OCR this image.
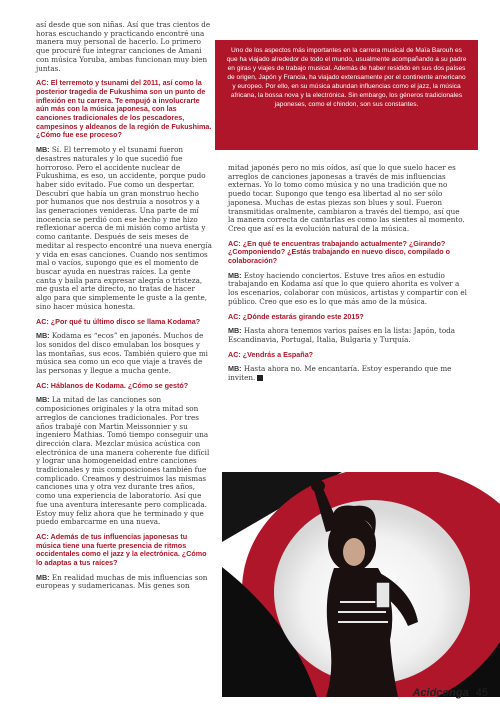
así desde que son niñas. Así que tras cientos de horas escuchando y practicando encontré una manera muy personal de hacerlo. Lo primero que procuré fue integrar canciones de Amani con música Yoruba, ambas funcionan muy bien juntas.

AC: El terremoto y tsunami del 2011, así como la posterior tragedia de Fukushima son un punto de inflexión en tu carrera. Te empujó a involucrarte aún más con la música japonesa, con las canciones tradicionales de los pescadores, campesinos y aldeanos de la región de Fukushima. ¿Cómo fue ese proceso?

MB: Sí. El terremoto y el tsunami fueron desastres naturales y lo que sucedió fue horroroso. Pero el accidente nuclear de Fukushima, es eso, un accidente, porque pudo haber sido evitado. Fue como un despertar. Descubrí que había un gran monstruo hecho por humanos que nos destruía a nosotros y a las generaciones venideras. Una parte de mí inocencia se perdió con ese hecho y me hizo reflexionar acerca de mi misión como artista y como cantante. Después de seis meses de meditar al respecto encontré una nueva energía y vida en esas canciones. Cuando nos sentimos mal o vacíos, supongo que es el momento de buscar ayuda en nuestras raíces. La gente canta y baila para expresar alegría o tristeza, me gusta el arte directo, no tratas de hacer algo para que simplemente le guste a la gente, sino hacer música honesta.

AC: ¿Por qué tu último disco se llama Kodama?

MB: Kodama es “ecos” en japonés. Muchos de los sonidos del disco emulaban los bosques y las montañas, sus ecos. También quiero que mi música sea como un eco que viaje a través de las personas y llegue a mucha gente.

AC: Háblanos de Kodama. ¿Cómo se gestó?

MB: La mitad de las canciones son composiciones originales y la otra mitad son arreglos de canciones tradicionales. Por tres años trabajé con Martin Meissonnier y su ingeniero Mathias. Tomó tiempo conseguir una dirección clara. Mezclar música acústica con electrónica de una manera coherente fue difícil y lograr una homogeneidad entre canciones tradicionales y mis composiciones también fue complicado. Creamos y destruimos las mismas canciones una y otra vez durante tres años, como una experiencia de laboratorio. Así que fue una aventura interesante pero complicada. Estoy muy feliz ahora que he terminado y que puedo embarcarme en una nueva.

AC: Además de tus influencias japonesas tu música tiene una fuerte presencia de ritmos occidentales como el jazz y la electrónica. ¿Cómo lo adaptas a tus raíces?

MB: En realidad muchas de mis influencias son europeas y sudamericanas. Mis genes son

Uno de los aspectos más importantes en la carrera musical de Maïa Barouh es que ha viajado alrededor de todo el mundo, usualmente acompañando a su padre en giras y viajes de trabajo musical. Además de haber residido en sus dos países de origen, Japón y Francia, ha viajado extensamente por el continente americano y europeo. Por ello, en su música abundan influencias como el jazz, la música africana, la bossa nova y la electrónica. Sin embargo, los géneros tradicionales japoneses, como el chindon, son sus constantes.

mitad japonés pero no mis oídos, así que lo que suelo hacer es arreglos de canciones japonesas a través de mis influencias externas. Yo lo tomo como música y no una tradición que no puedo tocar. Supongo que tengo esa libertad al no ser sólo japonesa. Muchas de estas piezas son blues y soul. Fueron transmitidas oralmente, cambiaron a través del tiempo, así que la manera correcta de cantarlas es como las sientes al momento. Creo que así es la evolución natural de la música.

AC: ¿En qué te encuentras trabajando actualmente? ¿Girando? ¿Componiendo? ¿Estás trabajando en nuevo disco, compilado o colaboración?

MB: Estoy haciendo conciertos. Estuve tres años en estudio trabajando en Kodama así que lo que quiero ahorita es volver a los escenarios, colaborar con músicos, artistas y compartir con el público. Creo que eso es lo que más amo de la música.

AC: ¿Dónde estarás girando este 2015?

MB: Hasta ahora tenemos varios países en la lista: Japón, toda Escandinavia, Portugal, Italia, Bulgaria y Turquía.

AC: ¿Vendrás a España?

MB: Hasta ahora no. Me encantaría. Estoy esperando que me inviten.

Acidconga 45
